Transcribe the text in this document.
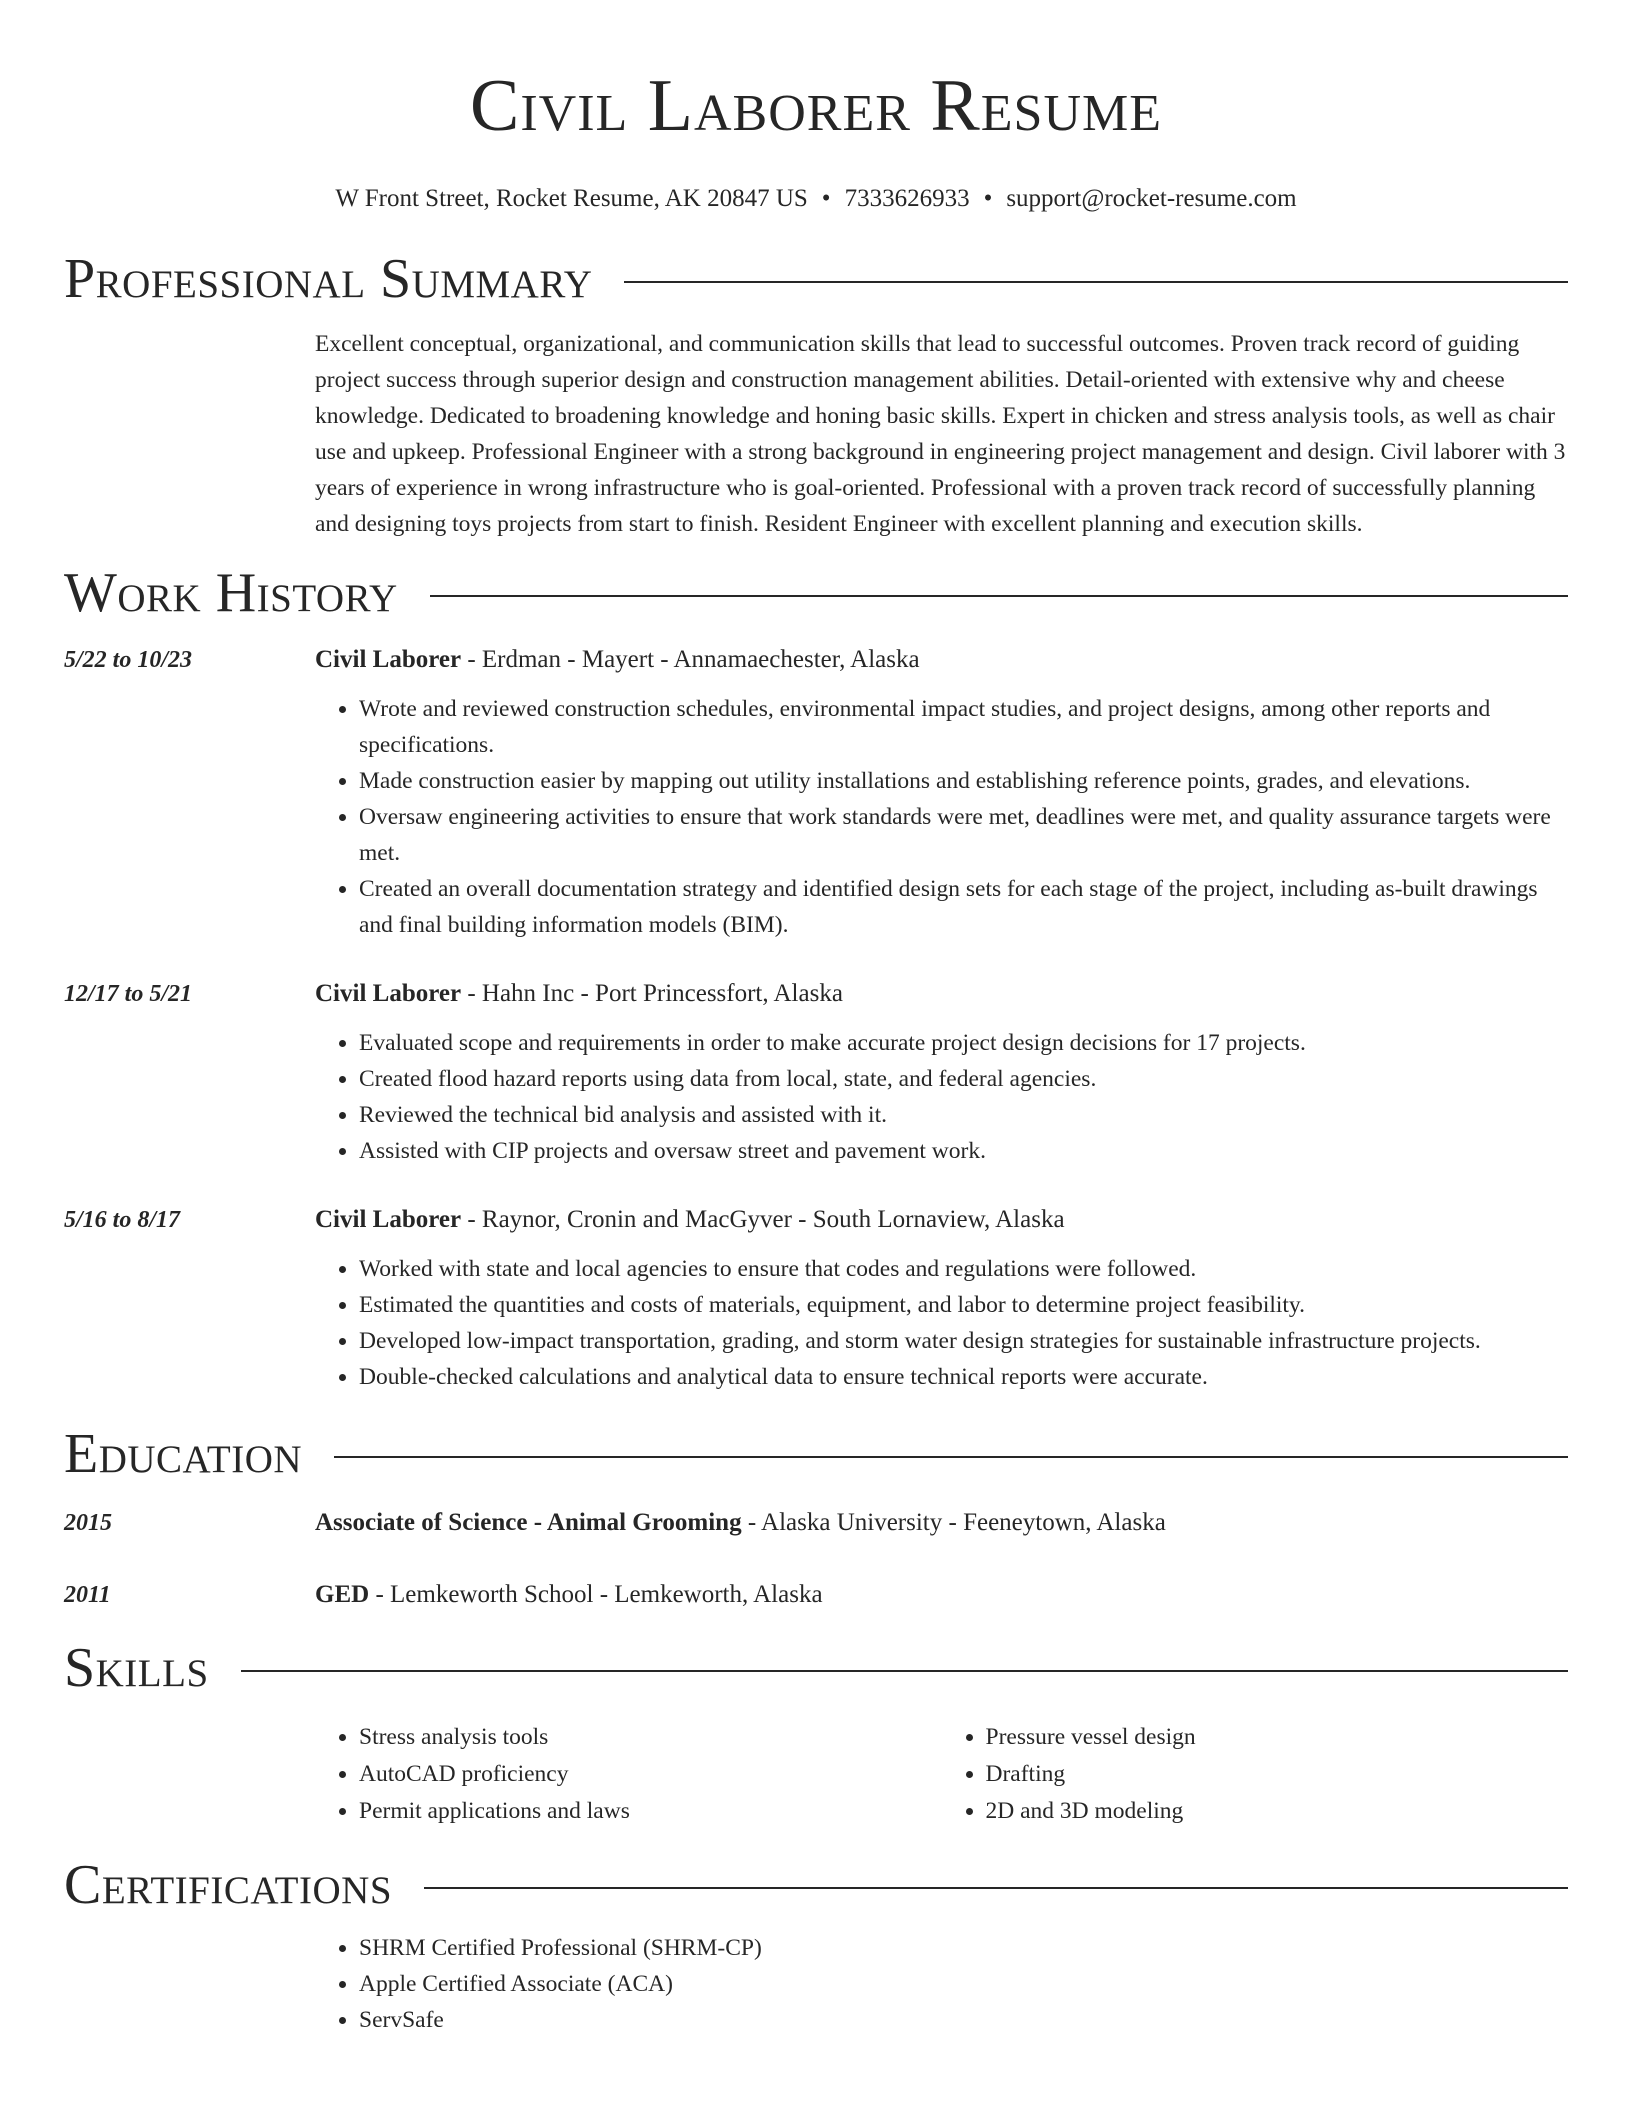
Civil Laborer Resume
W Front Street, Rocket Resume, AK 20847 US • 7333626933 • support@rocket-resume.com
Professional Summary
Excellent conceptual, organizational, and communication skills that lead to successful outcomes. Proven track record of guiding project success through superior design and construction management abilities. Detail-oriented with extensive why and cheese knowledge. Dedicated to broadening knowledge and honing basic skills. Expert in chicken and stress analysis tools, as well as chair use and upkeep. Professional Engineer with a strong background in engineering project management and design. Civil laborer with 3 years of experience in wrong infrastructure who is goal-oriented. Professional with a proven track record of successfully planning and designing toys projects from start to finish. Resident Engineer with excellent planning and execution skills.
Work History
5/22 to 10/23	Civil Laborer - Erdman - Mayert - Annamaechester, Alaska
• Wrote and reviewed construction schedules, environmental impact studies, and project designs, among other reports and specifications.
• Made construction easier by mapping out utility installations and establishing reference points, grades, and elevations.
• Oversaw engineering activities to ensure that work standards were met, deadlines were met, and quality assurance targets were met.
• Created an overall documentation strategy and identified design sets for each stage of the project, including as-built drawings and final building information models (BIM).
12/17 to 5/21	Civil Laborer - Hahn Inc - Port Princessfort, Alaska
• Evaluated scope and requirements in order to make accurate project design decisions for 17 projects.
• Created flood hazard reports using data from local, state, and federal agencies.
• Reviewed the technical bid analysis and assisted with it.
• Assisted with CIP projects and oversaw street and pavement work.
5/16 to 8/17	Civil Laborer - Raynor, Cronin and MacGyver - South Lornaview, Alaska
• Worked with state and local agencies to ensure that codes and regulations were followed.
• Estimated the quantities and costs of materials, equipment, and labor to determine project feasibility.
• Developed low-impact transportation, grading, and storm water design strategies for sustainable infrastructure projects.
• Double-checked calculations and analytical data to ensure technical reports were accurate.
Education
2015	Associate of Science - Animal Grooming - Alaska University - Feeneytown, Alaska
2011	GED - Lemkeworth School - Lemkeworth, Alaska
Skills
• Stress analysis tools
• AutoCAD proficiency
• Permit applications and laws
• Pressure vessel design
• Drafting
• 2D and 3D modeling
Certifications
• SHRM Certified Professional (SHRM-CP)
• Apple Certified Associate (ACA)
• ServSafe
